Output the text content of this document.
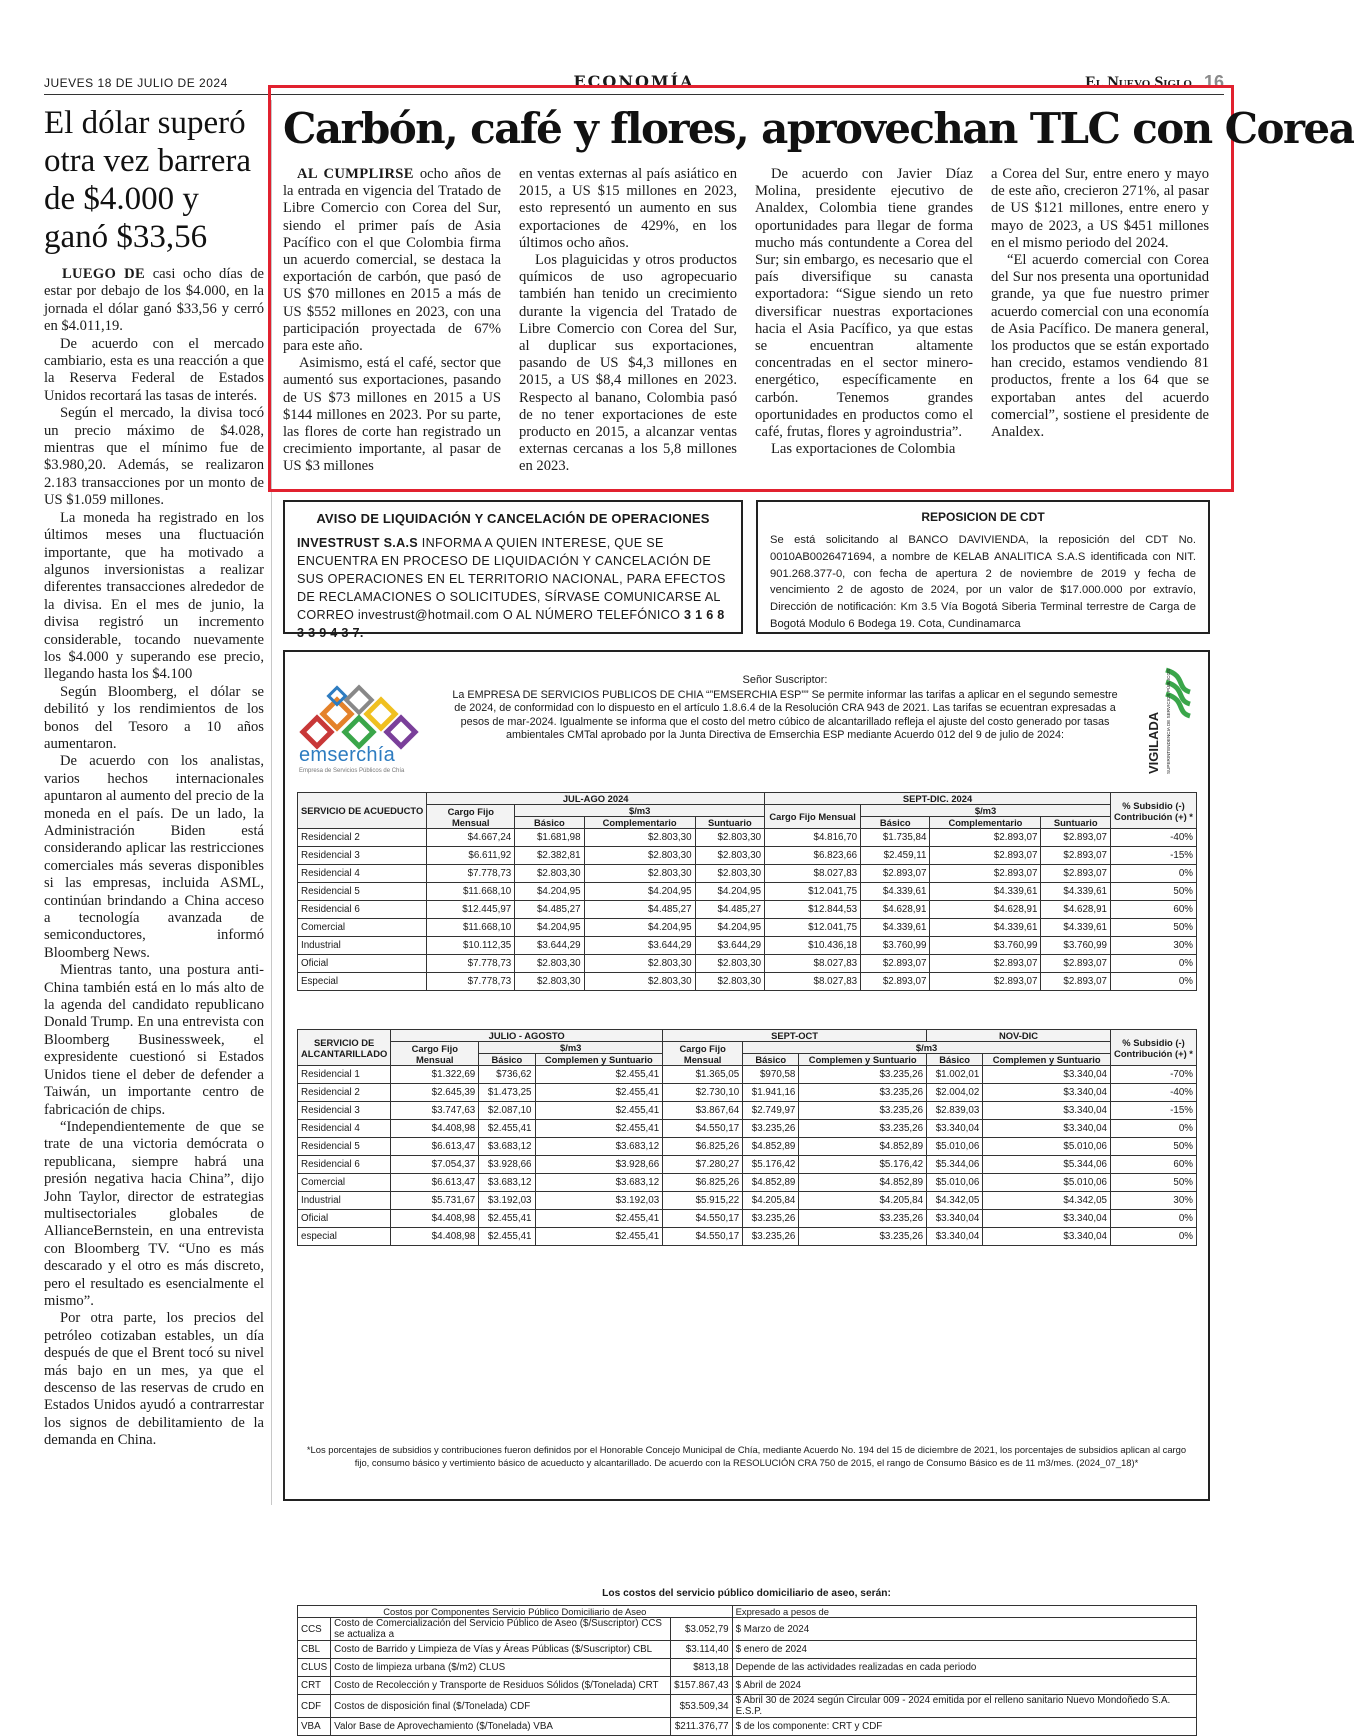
JUEVES 18 DE JULIO DE 2024	ECONOMÍA	El Nuevo Siglo 16
El dólar superó otra vez barrera de $4.000 y ganó $33,56

LUEGO DE casi ocho días de estar por debajo de los $4.000, en la jornada el dólar ganó $33,56 y cerró en $4.011,19.

De acuerdo con el mercado cambiario, esta es una reacción a que la Reserva Federal de Estados Unidos recortará las tasas de interés.

Según el mercado, la divisa tocó un precio máximo de $4.028, mientras que el mínimo fue de $3.980,20. Además, se realizaron 2.183 transacciones por un monto de US $1.059 millones.

La moneda ha registrado en los últimos meses una fluctuación importante, que ha motivado a algunos inversionistas a realizar diferentes transacciones alrededor de la divisa. En el mes de junio, la divisa registró un incremento considerable, tocando nuevamente los $4.000 y superando ese precio, llegando hasta los $4.100

Según Bloomberg, el dólar se debilitó y los rendimientos de los bonos del Tesoro a 10 años aumentaron.

De acuerdo con los analistas, varios hechos internacionales apuntaron al aumento del precio de la moneda en el país. De un lado, la Administración Biden está considerando aplicar las restricciones comerciales más severas disponibles si las empresas, incluida ASML, continúan brindando a China acceso a tecnología avanzada de semiconductores, informó Bloomberg News.

Mientras tanto, una postura anti-China también está en lo más alto de la agenda del candidato republicano Donald Trump. En una entrevista con Bloomberg Businessweek, el expresidente cuestionó si Estados Unidos tiene el deber de defender a Taiwán, un importante centro de fabricación de chips.

“Independientemente de que se trate de una victoria demócrata o republicana, siempre habrá una presión negativa hacia China”, dijo John Taylor, director de estrategias multisectoriales globales de AllianceBernstein, en una entrevista con Bloomberg TV. “Uno es más descarado y el otro es más discreto, pero el resultado es esencialmente el mismo”.

Por otra parte, los precios del petróleo cotizaban estables, un día después de que el Brent tocó su nivel más bajo en un mes, ya que el descenso de las reservas de crudo en Estados Unidos ayudó a contrarrestar los signos de debilitamiento de la demanda en China.

Carbón, café y flores, aprovechan TLC con Corea

AL CUMPLIRSE ocho años de la entrada en vigencia del Tratado de Libre Comercio con Corea del Sur, siendo el primer país de Asia Pacífico con el que Colombia firma un acuerdo comercial, se destaca la exportación de carbón, que pasó de US $70 millones en 2015 a más de US $552 millones en 2023, con una participación proyectada de 67% para este año.

Asimismo, está el café, sector que aumentó sus exportaciones, pasando de US $73 millones en 2015 a US $144 millones en 2023. Por su parte, las flores de corte han registrado un crecimiento importante, al pasar de US $3 millones

en ventas externas al país asiático en 2015, a US $15 millones en 2023, esto representó un aumento en sus exportaciones de 429%, en los últimos ocho años.

Los plaguicidas y otros productos químicos de uso agropecuario también han tenido un crecimiento durante la vigencia del Tratado de Libre Comercio con Corea del Sur, al duplicar sus exportaciones, pasando de US $4,3 millones en 2015, a US $8,4 millones en 2023. Respecto al banano, Colombia pasó de no tener exportaciones de este producto en 2015, a alcanzar ventas externas cercanas a los 5,8 millones en 2023.

De acuerdo con Javier Díaz Molina, presidente ejecutivo de Analdex, Colombia tiene grandes oportunidades para llegar de forma mucho más contundente a Corea del Sur; sin embargo, es necesario que el país diversifique su canasta exportadora: “Sigue siendo un reto diversificar nuestras exportaciones hacia el Asia Pacífico, ya que estas se encuentran altamente concentradas en el sector minero-energético, específicamente en carbón. Tenemos grandes oportunidades en productos como el café, frutas, flores y agroindustria”.

Las exportaciones de Colombia

a Corea del Sur, entre enero y mayo de este año, crecieron 271%, al pasar de US $121 millones, entre enero y mayo de 2023, a US $451 millones en el mismo periodo del 2024.

“El acuerdo comercial con Corea del Sur nos presenta una oportunidad grande, ya que fue nuestro primer acuerdo comercial con una economía de Asia Pacífico. De manera general, los productos que se están exportado han crecido, estamos vendiendo 81 productos, frente a los 64 que se exportaban antes del acuerdo comercial”, sostiene el presidente de Analdex.

AVISO DE LIQUIDACIÓN Y CANCELACIÓN DE OPERACIONES
INVESTRUST S.A.S INFORMA A QUIEN INTERESE, QUE SE ENCUENTRA EN PROCESO DE LIQUIDACIÓN Y CANCELACIÓN DE SUS OPERACIONES EN EL TERRITORIO NACIONAL, PARA EFECTOS DE RECLAMACIONES O SOLICITUDES, SÍRVASE COMUNICARSE AL CORREO investrust@hotmail.com O AL NÚMERO TELEFÓNICO 3 1 6 8 3 3 9 4 3 7.
REPOSICION DE CDT
Se está solicitando al BANCO DAVIVIENDA, la reposición del CDT No. 0010AB0026471694, a nombre de KELAB ANALITICA S.A.S identificada con NIT. 901.268.377-0, con fecha de apertura 2 de noviembre de 2019 y fecha de vencimiento 2 de agosto de 2024, por un valor de $17.000.000 por extravío, Dirección de notificación: Km 3.5 Vía Bogotá Siberia Terminal terrestre de Carga de Bogotá Modulo 6 Bodega 19. Cota, Cundinamarca
emserchía
Empresa de Servicios Públicos de Chía	VIGILADA SUPERINTENDENCIA DE SERVICIOS PÚBLICOS
Señor Suscriptor:
La EMPRESA DE SERVICIOS PUBLICOS DE CHIA “”EMSERCHIA ESP”” Se permite informar las tarifas a aplicar en el segundo semestre de 2024, de conformidad con lo dispuesto en el artículo 1.8.6.4 de la Resolución CRA 943 de 2021. Las tarifas se ecuentran expresadas a pesos de mar-2024. Igualmente se informa que el costo del metro cúbico de alcantarillado refleja el ajuste del costo generado por tasas ambientales CMTal aprobado por la Junta Directiva de Emserchia ESP mediante Acuerdo 012 del 9 de julio de 2024:
SERVICIO DE ACUEDUCTO	JUL-AGO 2024				SEPT-DIC. 2024				% Subsidio (-) Contribución (+) *
	Cargo Fijo Mensual	$/m3			Cargo Fijo Mensual	$/m3			
		Básico	Complementario	Suntuario		Básico	Complementario	Suntuario	
Residencial 2	$4.667,24	$1.681,98	$2.803,30	$2.803,30	$4.816,70	$1.735,84	$2.893,07	$2.893,07	-40%
Residencial 3	$6.611,92	$2.382,81	$2.803,30	$2.803,30	$6.823,66	$2.459,11	$2.893,07	$2.893,07	-15%
Residencial 4	$7.778,73	$2.803,30	$2.803,30	$2.803,30	$8.027,83	$2.893,07	$2.893,07	$2.893,07	0%
Residencial 5	$11.668,10	$4.204,95	$4.204,95	$4.204,95	$12.041,75	$4.339,61	$4.339,61	$4.339,61	50%
Residencial 6	$12.445,97	$4.485,27	$4.485,27	$4.485,27	$12.844,53	$4.628,91	$4.628,91	$4.628,91	60%
Comercial	$11.668,10	$4.204,95	$4.204,95	$4.204,95	$12.041,75	$4.339,61	$4.339,61	$4.339,61	50%
Industrial	$10.112,35	$3.644,29	$3.644,29	$3.644,29	$10.436,18	$3.760,99	$3.760,99	$3.760,99	30%
Oficial	$7.778,73	$2.803,30	$2.803,30	$2.803,30	$8.027,83	$2.893,07	$2.893,07	$2.893,07	0%
Especial	$7.778,73	$2.803,30	$2.803,30	$2.803,30	$8.027,83	$2.893,07	$2.893,07	$2.893,07	0%
SERVICIO DE ALCANTARILLADO	JULIO - AGOSTO			SEPT-OCT			NOV-DIC		% Subsidio (-) Contribución (+) *
	Cargo Fijo Mensual	$/m3		Cargo Fijo Mensual	$/m3				
		Básico	Complemen y Suntuario		Básico	Complemen y Suntuario	Básico	Complemen y Suntuario	
Residencial 1	$1.322,69	$736,62	$2.455,41	$1.365,05	$970,58	$3.235,26	$1.002,01	$3.340,04	-70%
Residencial 2	$2.645,39	$1.473,25	$2.455,41	$2.730,10	$1.941,16	$3.235,26	$2.004,02	$3.340,04	-40%
Residencial 3	$3.747,63	$2.087,10	$2.455,41	$3.867,64	$2.749,97	$3.235,26	$2.839,03	$3.340,04	-15%
Residencial 4	$4.408,98	$2.455,41	$2.455,41	$4.550,17	$3.235,26	$3.235,26	$3.340,04	$3.340,04	0%
Residencial 5	$6.613,47	$3.683,12	$3.683,12	$6.825,26	$4.852,89	$4.852,89	$5.010,06	$5.010,06	50%
Residencial 6	$7.054,37	$3.928,66	$3.928,66	$7.280,27	$5.176,42	$5.176,42	$5.344,06	$5.344,06	60%
Comercial	$6.613,47	$3.683,12	$3.683,12	$6.825,26	$4.852,89	$4.852,89	$5.010,06	$5.010,06	50%
Industrial	$5.731,67	$3.192,03	$3.192,03	$5.915,22	$4.205,84	$4.205,84	$4.342,05	$4.342,05	30%
Oficial	$4.408,98	$2.455,41	$2.455,41	$4.550,17	$3.235,26	$3.235,26	$3.340,04	$3.340,04	0%
especial	$4.408,98	$2.455,41	$2.455,41	$4.550,17	$3.235,26	$3.235,26	$3.340,04	$3.340,04	0%
Los costos del servicio público domiciliario de aseo, serán:
Costos por Componentes Servicio Público Domiciliario de Aseo			Expresado a pesos de
CCS	Costo de Comercialización del Servicio Público de Aseo ($/Suscriptor) CCS se actualiza a	$3.052,79	$ Marzo de 2024
CBL	Costo de Barrido y Limpieza de Vías y Áreas Públicas ($/Suscriptor) CBL	$3.114,40	$ enero de 2024
CLUS	Costo de limpieza urbana ($/m2) CLUS	$813,18	Depende de las actividades realizadas en cada periodo
CRT	Costo de Recolección y Transporte de Residuos Sólidos ($/Tonelada) CRT	$157.867,43	$ Abril de 2024
CDF	Costos de disposición final ($/Tonelada) CDF	$53.509,34	$ Abril 30 de 2024 según Circular 009 - 2024 emitida por el relleno sanitario Nuevo Mondoñedo S.A. E.S.P.
VBA	Valor Base de Aprovechamiento ($/Tonelada) VBA	$211.376,77	$ de los componente: CRT y CDF
*Los porcentajes de subsidios y contribuciones fueron definidos por el Honorable Concejo Municipal de Chía, mediante Acuerdo No. 194 del 15 de diciembre de 2021, los porcentajes de subsidios aplican al cargo fijo, consumo básico y vertimiento básico de acueducto y alcantarillado. De acuerdo con la RESOLUCIÓN CRA 750 de 2015, el rango de Consumo Básico es de 11 m3/mes. (2024_07_18)*
